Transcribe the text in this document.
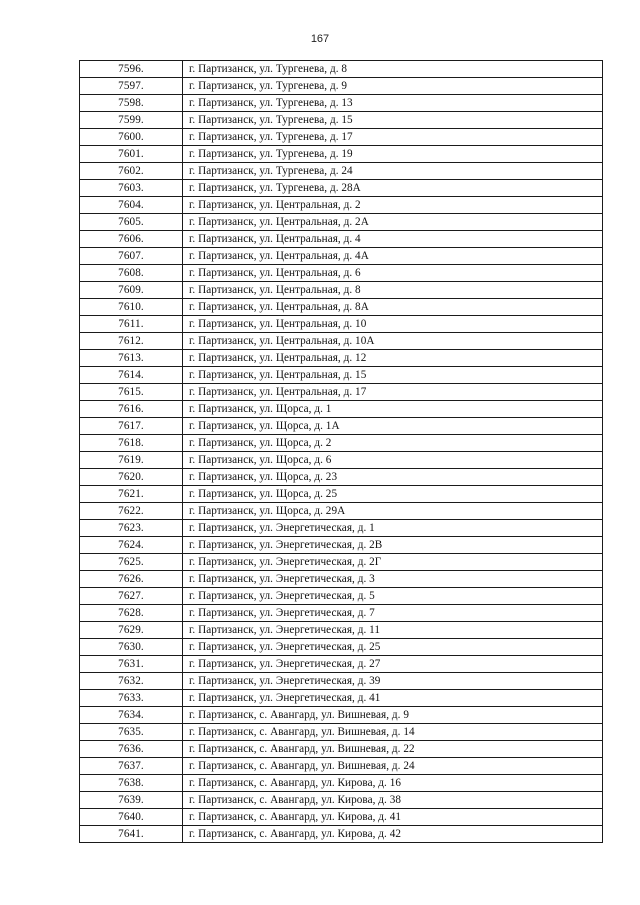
167
7596.	г. Партизанск, ул. Тургенева, д. 8
7597.	г. Партизанск, ул. Тургенева, д. 9
7598.	г. Партизанск, ул. Тургенева, д. 13
7599.	г. Партизанск, ул. Тургенева, д. 15
7600.	г. Партизанск, ул. Тургенева, д. 17
7601.	г. Партизанск, ул. Тургенева, д. 19
7602.	г. Партизанск, ул. Тургенева, д. 24
7603.	г. Партизанск, ул. Тургенева, д. 28А
7604.	г. Партизанск, ул. Центральная, д. 2
7605.	г. Партизанск, ул. Центральная, д. 2А
7606.	г. Партизанск, ул. Центральная, д. 4
7607.	г. Партизанск, ул. Центральная, д. 4А
7608.	г. Партизанск, ул. Центральная, д. 6
7609.	г. Партизанск, ул. Центральная, д. 8
7610.	г. Партизанск, ул. Центральная, д. 8А
7611.	г. Партизанск, ул. Центральная, д. 10
7612.	г. Партизанск, ул. Центральная, д. 10А
7613.	г. Партизанск, ул. Центральная, д. 12
7614.	г. Партизанск, ул. Центральная, д. 15
7615.	г. Партизанск, ул. Центральная, д. 17
7616.	г. Партизанск, ул. Щорса, д. 1
7617.	г. Партизанск, ул. Щорса, д. 1А
7618.	г. Партизанск, ул. Щорса, д. 2
7619.	г. Партизанск, ул. Щорса, д. 6
7620.	г. Партизанск, ул. Щорса, д. 23
7621.	г. Партизанск, ул. Щорса, д. 25
7622.	г. Партизанск, ул. Щорса, д. 29А
7623.	г. Партизанск, ул. Энергетическая, д. 1
7624.	г. Партизанск, ул. Энергетическая, д. 2В
7625.	г. Партизанск, ул. Энергетическая, д. 2Г
7626.	г. Партизанск, ул. Энергетическая, д. 3
7627.	г. Партизанск, ул. Энергетическая, д. 5
7628.	г. Партизанск, ул. Энергетическая, д. 7
7629.	г. Партизанск, ул. Энергетическая, д. 11
7630.	г. Партизанск, ул. Энергетическая, д. 25
7631.	г. Партизанск, ул. Энергетическая, д. 27
7632.	г. Партизанск, ул. Энергетическая, д. 39
7633.	г. Партизанск, ул. Энергетическая, д. 41
7634.	г. Партизанск, с. Авангард, ул. Вишневая, д. 9
7635.	г. Партизанск, с. Авангард, ул. Вишневая, д. 14
7636.	г. Партизанск, с. Авангард, ул. Вишневая, д. 22
7637.	г. Партизанск, с. Авангард, ул. Вишневая, д. 24
7638.	г. Партизанск, с. Авангард, ул. Кирова, д. 16
7639.	г. Партизанск, с. Авангард, ул. Кирова, д. 38
7640.	г. Партизанск, с. Авангард, ул. Кирова, д. 41
7641.	г. Партизанск, с. Авангард, ул. Кирова, д. 42
